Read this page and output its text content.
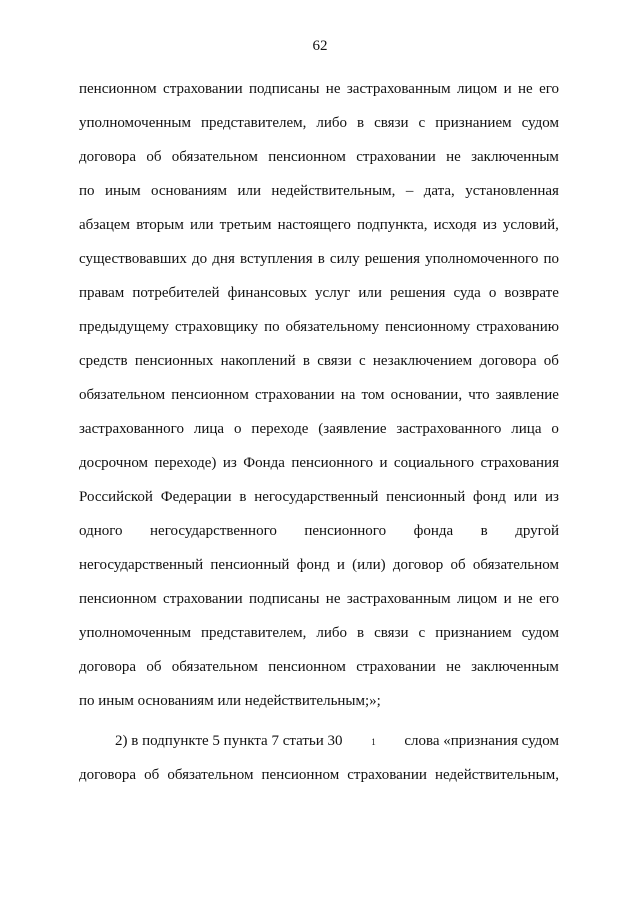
62
пенсионном страховании подписаны не застрахованным лицом и не его
уполномоченным представителем, либо в связи с признанием судом
договора об обязательном пенсионном страховании не заключенным
по иным основаниям или недействительным, – дата, установленная
абзацем вторым или третьим настоящего подпункта, исходя из условий,
существовавших до дня вступления в силу решения уполномоченного по
правам потребителей финансовых услуг или решения суда о возврате
предыдущему страховщику по обязательному пенсионному страхованию
средств пенсионных накоплений в связи с незаключением договора об
обязательном пенсионном страховании на том основании, что заявление
застрахованного лица о переходе (заявление застрахованного лица о
досрочном переходе) из Фонда пенсионного и социального страхования
Российской Федерации в негосударственный пенсионный фонд или из
одного негосударственного пенсионного фонда в другой
негосударственный пенсионный фонд и (или) договор об обязательном
пенсионном страховании подписаны не застрахованным лицом и не его
уполномоченным представителем, либо в связи с признанием судом
договора об обязательном пенсионном страховании не заключенным
по иным основаниям или недействительным;»;
2) в подпункте 5 пункта 7 статьи 30	1 слова «признания судом
договора об обязательном пенсионном страховании недействительным,
